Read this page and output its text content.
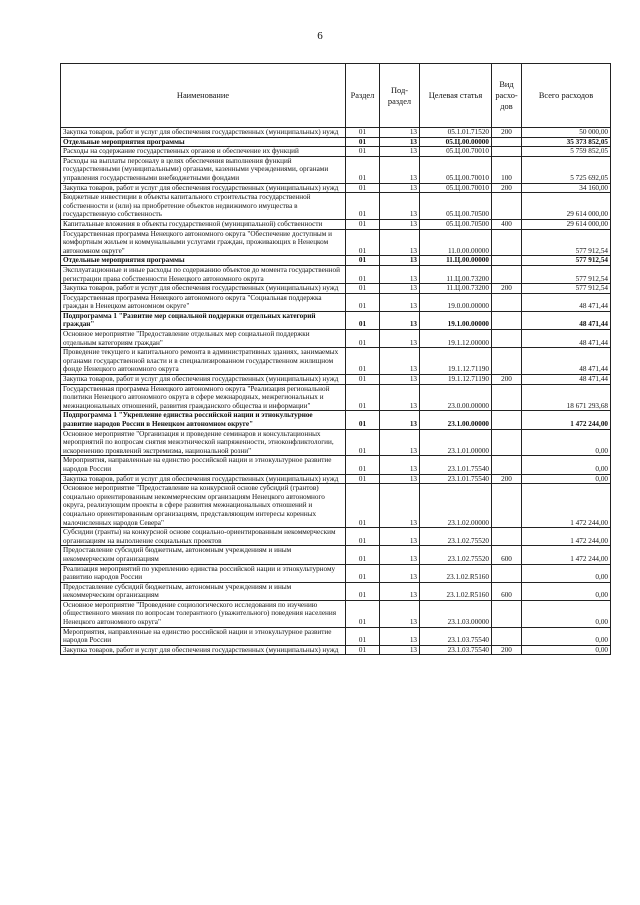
6
Наименование	Раздел	Под-раздел	Целевая статья	Вид расхо-дов	Всего расходов
Закупка товаров, работ и услуг для обеспечения государственных (муниципальных) нужд	01	13	05.1.01.71520	200	50 000,00
Отдельные мероприятия программы	01	13	05.Ц.00.00000		35 373 852,05
Расходы на содержание государственных органов и обеспечение их функций	01	13	05.Ц.00.70010		5 759 852,05
Расходы на выплаты персоналу в целях обеспечения выполнения функций государственными (муниципальными) органами, казенными учреждениями, органами управления государственными внебюджетными фондами	01	13	05.Ц.00.70010	100	5 725 692,05
Закупка товаров, работ и услуг для обеспечения государственных (муниципальных) нужд	01	13	05.Ц.00.70010	200	34 160,00
Бюджетные инвестиции в объекты капитального строительства государственной собственности и (или) на приобретение объектов недвижимого имущества в государственную собственность	01	13	05.Ц.00.70500		29 614 000,00
Капитальные вложения в объекты государственной (муниципальной) собственности	01	13	05.Ц.00.70500	400	29 614 000,00
Государственная программа Ненецкого автономного округа "Обеспечение доступным и комфортным жильем и коммунальными услугами граждан, проживающих в Ненецком автономном округе"	01	13	11.0.00.00000		577 912,54
Отдельные мероприятия программы	01	13	11.Ц.00.00000		577 912,54
Эксплуатационные и иные расходы по содержанию объектов до момента государственной регистрации права собственности Ненецкого автономного округа	01	13	11.Ц.00.73200		577 912,54
Закупка товаров, работ и услуг для обеспечения государственных (муниципальных) нужд	01	13	11.Ц.00.73200	200	577 912,54
Государственная программа Ненецкого автономного округа "Социальная поддержка граждан в Ненецком автономном округе"	01	13	19.0.00.00000		48 471,44
Подпрограмма 1 "Развитие мер социальной поддержки отдельных категорий граждан"	01	13	19.1.00.00000		48 471,44
Основное мероприятие "Предоставление отдельных мер социальной поддержки отдельным категориям граждан"	01	13	19.1.12.00000		48 471,44
Проведение текущего и капитального ремонта в административных зданиях, занимаемых органами государственной власти и в специализированном государственном жилищном фонде Ненецкого автономного округа	01	13	19.1.12.71190		48 471,44
Закупка товаров, работ и услуг для обеспечения государственных (муниципальных) нужд	01	13	19.1.12.71190	200	48 471,44
Государственная программа Ненецкого автономного округа "Реализация региональной политики Ненецкого автономного округа в сфере межнародных, межрегиональных и межнациональных отношений, развития гражданского общества и информации"	01	13	23.0.00.00000		18 671 293,68
Подпрограмма 1 "Укрепление единства российской нации и этнокультурное развитие народов России в Ненецком автономном округе"	01	13	23.1.00.00000		1 472 244,00
Основное мероприятие "Организация и проведение семинаров и консультационных мероприятий по вопросам снятия межэтнической напряженности, этноконфликтологии, искоренению проявлений экстремизма, национальной розни"	01	13	23.1.01.00000		0,00
Мероприятия, направленные на единство российской нации и этнокультурное развитие народов России	01	13	23.1.01.75540		0,00
Закупка товаров, работ и услуг для обеспечения государственных (муниципальных) нужд	01	13	23.1.01.75540	200	0,00
Основное мероприятие "Предоставление на конкурсной основе субсидий (грантов) социально ориентированным некоммерческим организациям Ненецкого автономного округа, реализующим проекты в сфере развития межнациональных отношений и социально ориентированным организациям, представляющим интересы коренных малочисленных народов Севера"	01	13	23.1.02.00000		1 472 244,00
Субсидии (гранты) на конкурсной основе социально-ориентированным некоммерческим организациям на выполнение социальных проектов	01	13	23.1.02.75520		1 472 244,00
Предоставление субсидий бюджетным, автономным учреждениям и иным некоммерческим организациям	01	13	23.1.02.75520	600	1 472 244,00
Реализация мероприятий по укреплению единства российской нации и этнокультурному развитию народов России	01	13	23.1.02.R5160		0,00
Предоставление субсидий бюджетным, автономным учреждениям и иным некоммерческим организациям	01	13	23.1.02.R5160	600	0,00
Основное мероприятие "Проведение социологического исследования по изучению общественного мнения по вопросам толерантного (уважительного) поведения населения Ненецкого автономного округа"	01	13	23.1.03.00000		0,00
Мероприятия, направленные на единство российской нации и этнокультурное развитие народов России	01	13	23.1.03.75540		0,00
Закупка товаров, работ и услуг для обеспечения государственных (муниципальных) нужд	01	13	23.1.03.75540	200	0,00
